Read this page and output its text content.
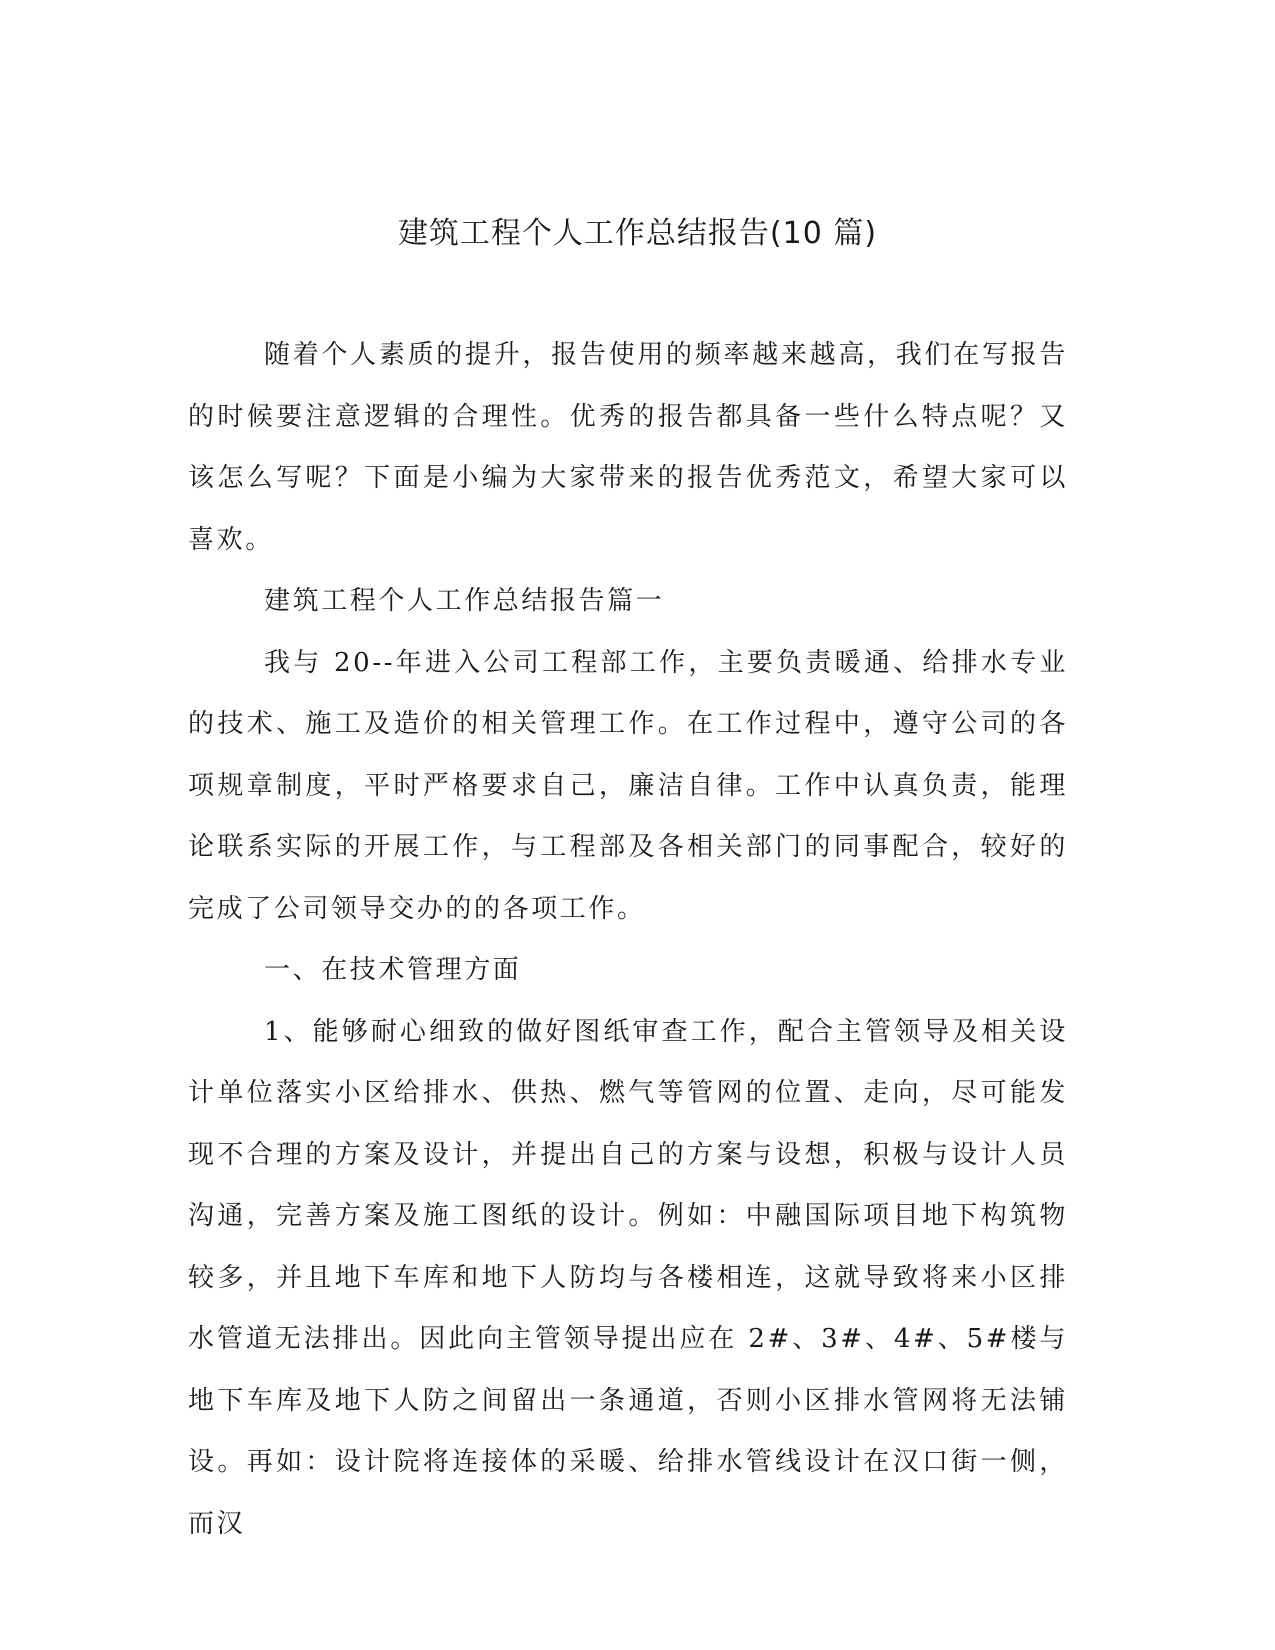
建筑工程个人工作总结报告(10 篇)

随着个人素质的提升，报告使用的频率越来越高，我们在写报告的时候要注意逻辑的合理性。优秀的报告都具备一些什么特点呢？又该怎么写呢？下面是小编为大家带来的报告优秀范文，希望大家可以喜欢。

建筑工程个人工作总结报告篇一

我与 20--年进入公司工程部工作，主要负责暖通、给排水专业的技术、施工及造价的相关管理工作。在工作过程中，遵守公司的各项规章制度，平时严格要求自己，廉洁自律。工作中认真负责，能理论联系实际的开展工作，与工程部及各相关部门的同事配合，较好的完成了公司领导交办的的各项工作。

一、在技术管理方面

1、能够耐心细致的做好图纸审查工作，配合主管领导及相关设计单位落实小区给排水、供热、燃气等管网的位置、走向，尽可能发现不合理的方案及设计，并提出自己的方案与设想，积极与设计人员沟通，完善方案及施工图纸的设计。例如：中融国际项目地下构筑物较多，并且地下车库和地下人防均与各楼相连，这就导致将来小区排水管道无法排出。因此向主管领导提出应在 2#、3#、4#、5#楼与地下车库及地下人防之间留出一条通道，否则小区排水管网将无法铺设。再如：设计院将连接体的采暖、给排水管线设计在汉口街一侧，而汉
